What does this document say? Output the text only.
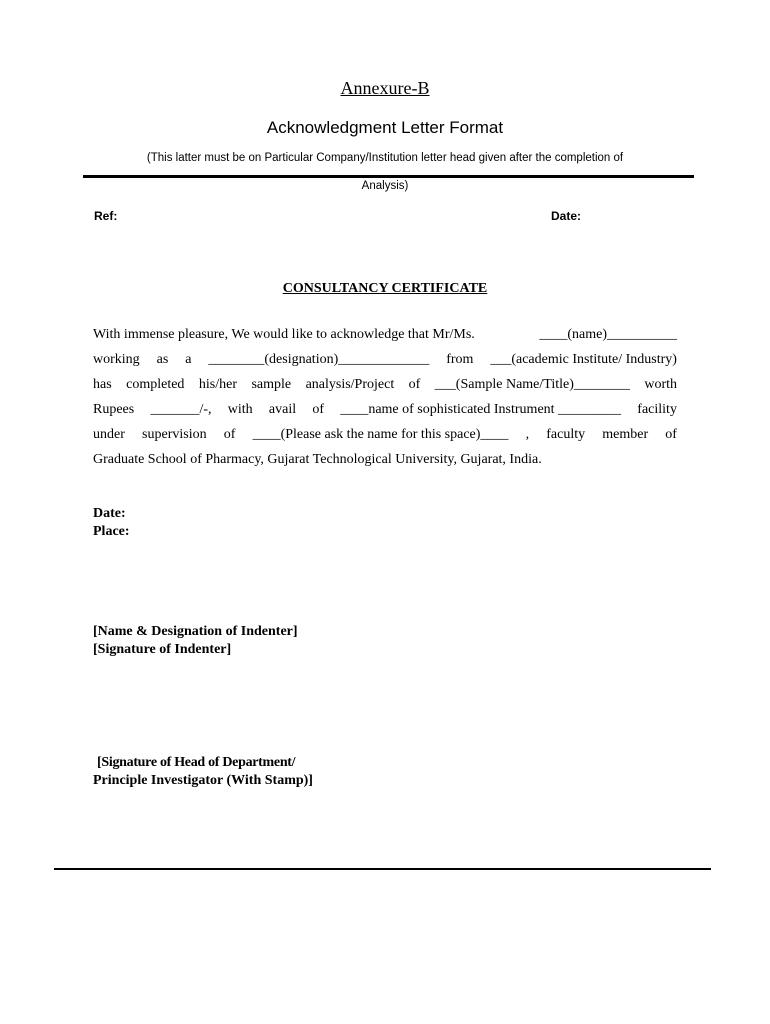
Annexure-B
Acknowledgment Letter Format
(This latter must be on Particular Company/Institution letter head given after the completion of
Analysis)
Ref:	Date:
CONSULTANCY CERTIFICATE
With immense pleasure, We would like to acknowledge that Mr/Ms.	____(name)__________
working as a ________(designation)_____________ from ___(academic Institute/ Industry)
has completed his/her sample analysis/Project of ___(Sample Name/Title)________ worth
Rupees _______/-, with avail of ____name of sophisticated Instrument _________ facility
under supervision of ____(Please ask the name for this space)____ , faculty member of
Graduate School of Pharmacy, Gujarat Technological University, Gujarat, India.
Date:
Place:
[Name & Designation of Indenter]
[Signature of Indenter]
[Signature of Head of Department/
Principle Investigator (With Stamp)]
